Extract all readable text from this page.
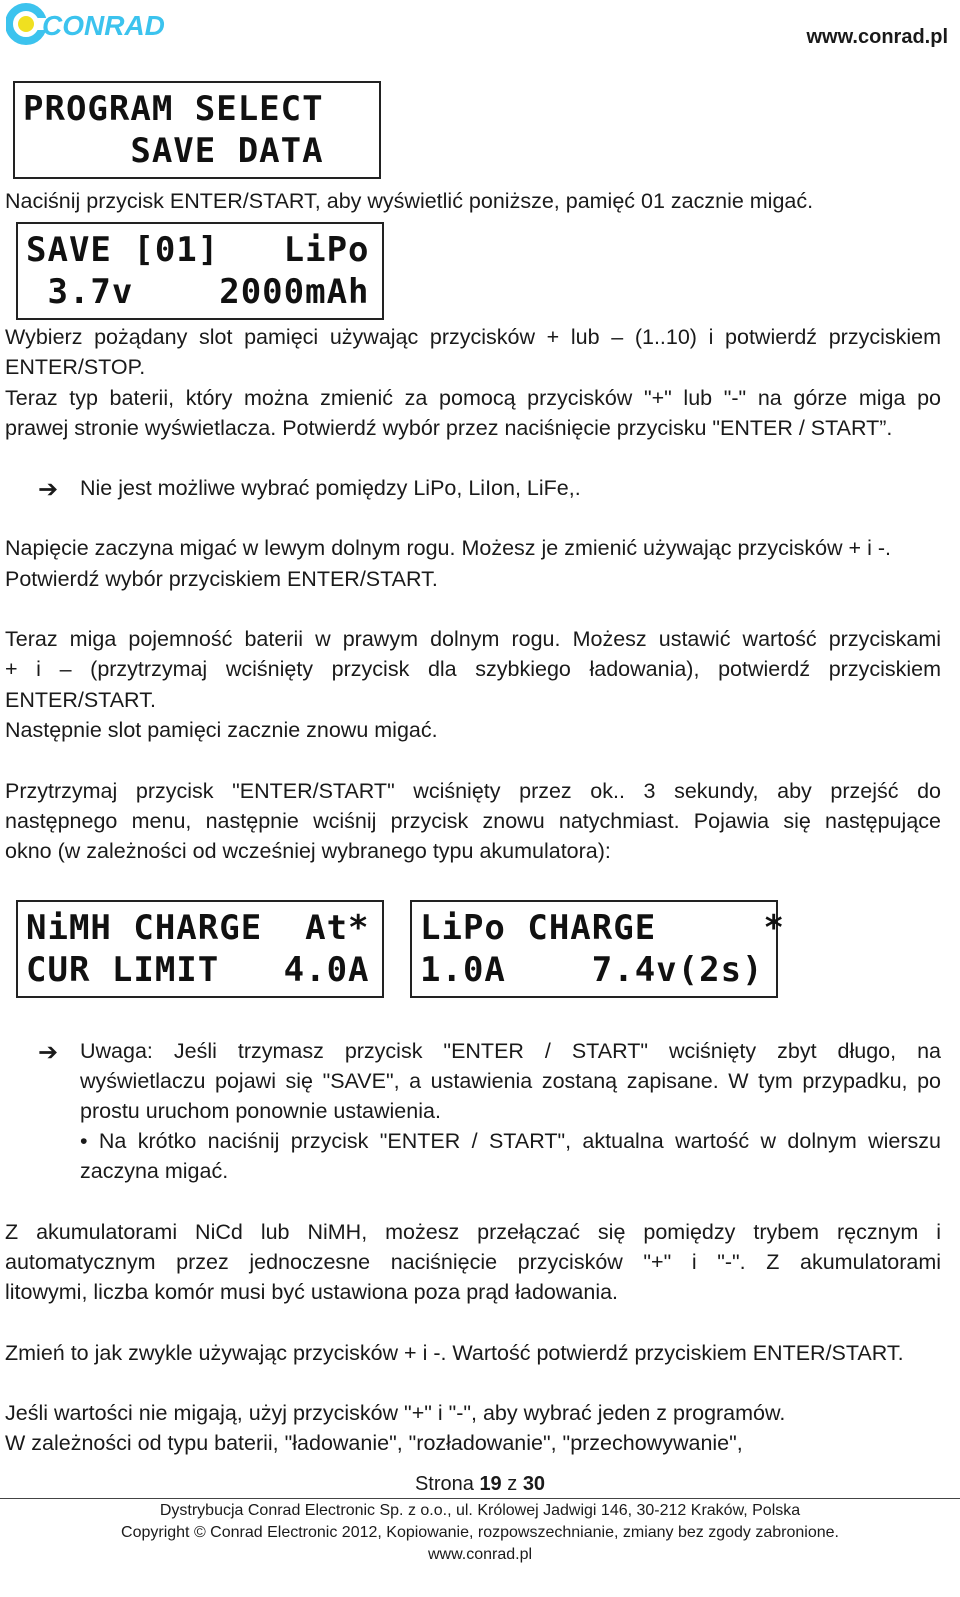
CONRAD	www.conrad.pl
PROGRAM SELECT
SAVE DATA
Naciśnij przycisk ENTER/START, aby wyświetlić poniższe, pamięć 01 zacznie migać.
SAVE [01]   LiPo
3.7v    2000mAh
Wybierz pożądany slot pamięci używając przycisków + lub – (1..10) i potwierdź przyciskiem
ENTER/STOP.
Teraz typ baterii, który można zmienić za pomocą przycisków "+" lub "-" na górze miga po
prawej stronie wyświetlacza. Potwierdź wybór przez naciśnięcie przycisku "ENTER / START”.
➔ Nie jest możliwe wybrać pomiędzy LiPo, LiIon, LiFe,.
Napięcie zaczyna migać w lewym dolnym rogu. Możesz je zmienić używając przycisków + i -.
Potwierdź wybór przyciskiem ENTER/START.
Teraz miga pojemność baterii w prawym dolnym rogu. Możesz ustawić wartość przyciskami
+ i – (przytrzymaj wciśnięty przycisk dla szybkiego ładowania), potwierdź przyciskiem
ENTER/START.
Następnie slot pamięci zacznie znowu migać.
Przytrzymaj przycisk "ENTER/START" wciśnięty przez ok.. 3 sekundy, aby przejść do
następnego menu, następnie wciśnij przycisk znowu natychmiast. Pojawia się następujące
okno (w zależności od wcześniej wybranego typu akumulatora):
NiMH CHARGE  At*
CUR LIMIT   4.0A
LiPo CHARGE     *
1.0A    7.4v(2s)
➔ Uwaga: Jeśli trzymasz przycisk "ENTER / START" wciśnięty zbyt długo, na
wyświetlaczu pojawi się "SAVE", a ustawienia zostaną zapisane. W tym przypadku, po
prostu uruchom ponownie ustawienia.
• Na krótko naciśnij przycisk "ENTER / START", aktualna wartość w dolnym wierszu
zaczyna migać.
Z akumulatorami NiCd lub NiMH, możesz przełączać się pomiędzy trybem ręcznym i
automatycznym przez jednoczesne naciśnięcie przycisków "+" i "-". Z akumulatorami
litowymi, liczba komór musi być ustawiona poza prąd ładowania.
Zmień to jak zwykle używając przycisków + i -. Wartość potwierdź przyciskiem ENTER/START.
Jeśli wartości nie migają, użyj przycisków "+" i "-", aby wybrać jeden z programów.
W zależności od typu baterii, "ładowanie", "rozładowanie", "przechowywanie",
Strona 19 z 30
Dystrybucja Conrad Electronic Sp. z o.o., ul. Królowej Jadwigi 146, 30-212 Kraków, Polska
Copyright © Conrad Electronic 2012, Kopiowanie, rozpowszechnianie, zmiany bez zgody zabronione.
www.conrad.pl
